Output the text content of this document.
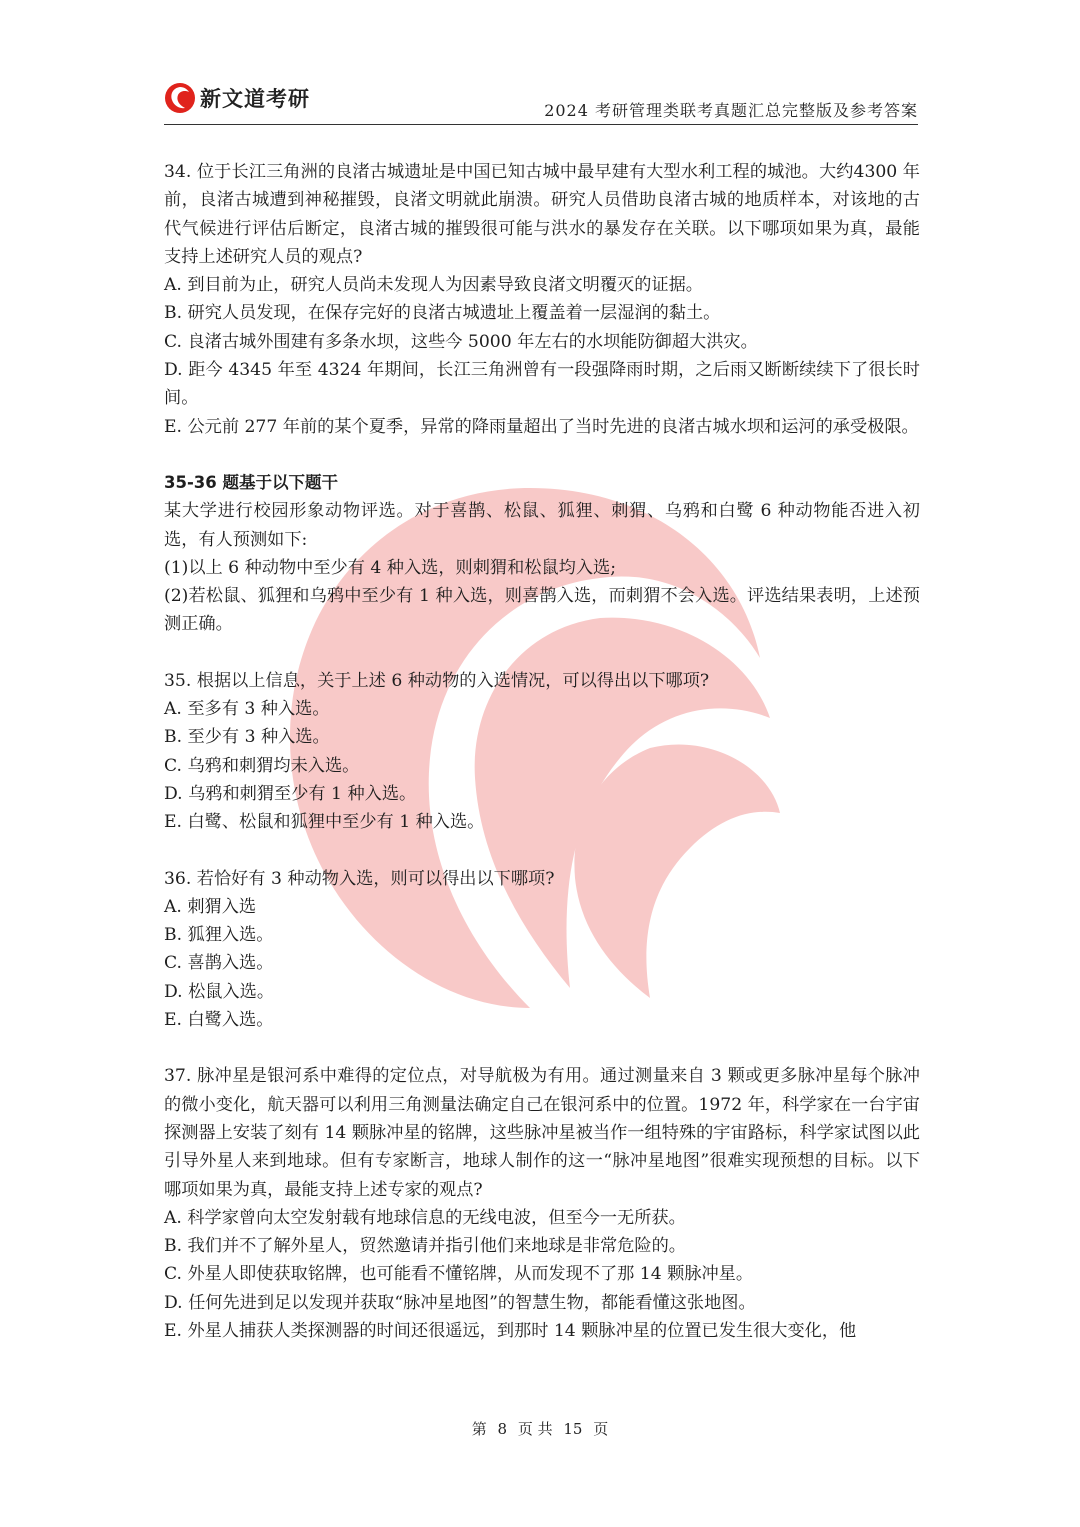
新文道考研	2024 考研管理类联考真题汇总完整版及参考答案

34. 位于长江三角洲的良渚古城遗址是中国已知古城中最早建有大型水利工程的城池。大约4300 年前，良渚古城遭到神秘摧毁，良渚文明就此崩溃。研究人员借助良渚古城的地质样本，对该地的古代气候进行评估后断定，良渚古城的摧毁很可能与洪水的暴发存在关联。以下哪项如果为真，最能支持上述研究人员的观点?

A. 到目前为止，研究人员尚未发现人为因素导致良渚文明覆灭的证据。

B. 研究人员发现，在保存完好的良渚古城遗址上覆盖着一层湿润的黏土。

C. 良渚古城外围建有多条水坝，这些今 5000 年左右的水坝能防御超大洪灾。

D. 距今 4345 年至 4324 年期间，长江三角洲曾有一段强降雨时期，之后雨又断断续续下了很长时间。

E. 公元前 277 年前的某个夏季，异常的降雨量超出了当时先进的良渚古城水坝和运河的承受极限。

35-36 题基于以下题干

某大学进行校园形象动物评选。对于喜鹊、松鼠、狐狸、刺猬、乌鸦和白鹭 6 种动物能否进入初选，有人预测如下:

(1)以上 6 种动物中至少有 4 种入选，则刺猬和松鼠均入选;

(2)若松鼠、狐狸和乌鸦中至少有 1 种入选，则喜鹊入选，而刺猬不会入选。评选结果表明，上述预测正确。

35. 根据以上信息，关于上述 6 种动物的入选情况，可以得出以下哪项?

A. 至多有 3 种入选。

B. 至少有 3 种入选。

C. 乌鸦和刺猬均未入选。

D. 乌鸦和刺猬至少有 1 种入选。

E. 白鹭、松鼠和狐狸中至少有 1 种入选。

36. 若恰好有 3 种动物入选，则可以得出以下哪项?

A. 刺猬入选

B. 狐狸入选。

C. 喜鹊入选。

D. 松鼠入选。

E. 白鹭入选。

37. 脉冲星是银河系中难得的定位点，对导航极为有用。通过测量来自 3 颗或更多脉冲星每个脉冲的微小变化，航天器可以利用三角测量法确定自己在银河系中的位置。1972 年，科学家在一台宇宙探测器上安装了刻有 14 颗脉冲星的铭牌，这些脉冲星被当作一组特殊的宇宙路标，科学家试图以此引导外星人来到地球。但有专家断言，地球人制作的这一“脉冲星地图”很难实现预想的目标。以下哪项如果为真，最能支持上述专家的观点?

A. 科学家曾向太空发射载有地球信息的无线电波，但至今一无所获。

B. 我们并不了解外星人，贸然邀请并指引他们来地球是非常危险的。

C. 外星人即使获取铭牌，也可能看不懂铭牌，从而发现不了那 14 颗脉冲星。

D. 任何先进到足以发现并获取“脉冲星地图”的智慧生物，都能看懂这张地图。

E. 外星人捕获人类探测器的时间还很遥远，到那时 14 颗脉冲星的位置已发生很大变化，他

第 8 页 共 15 页
